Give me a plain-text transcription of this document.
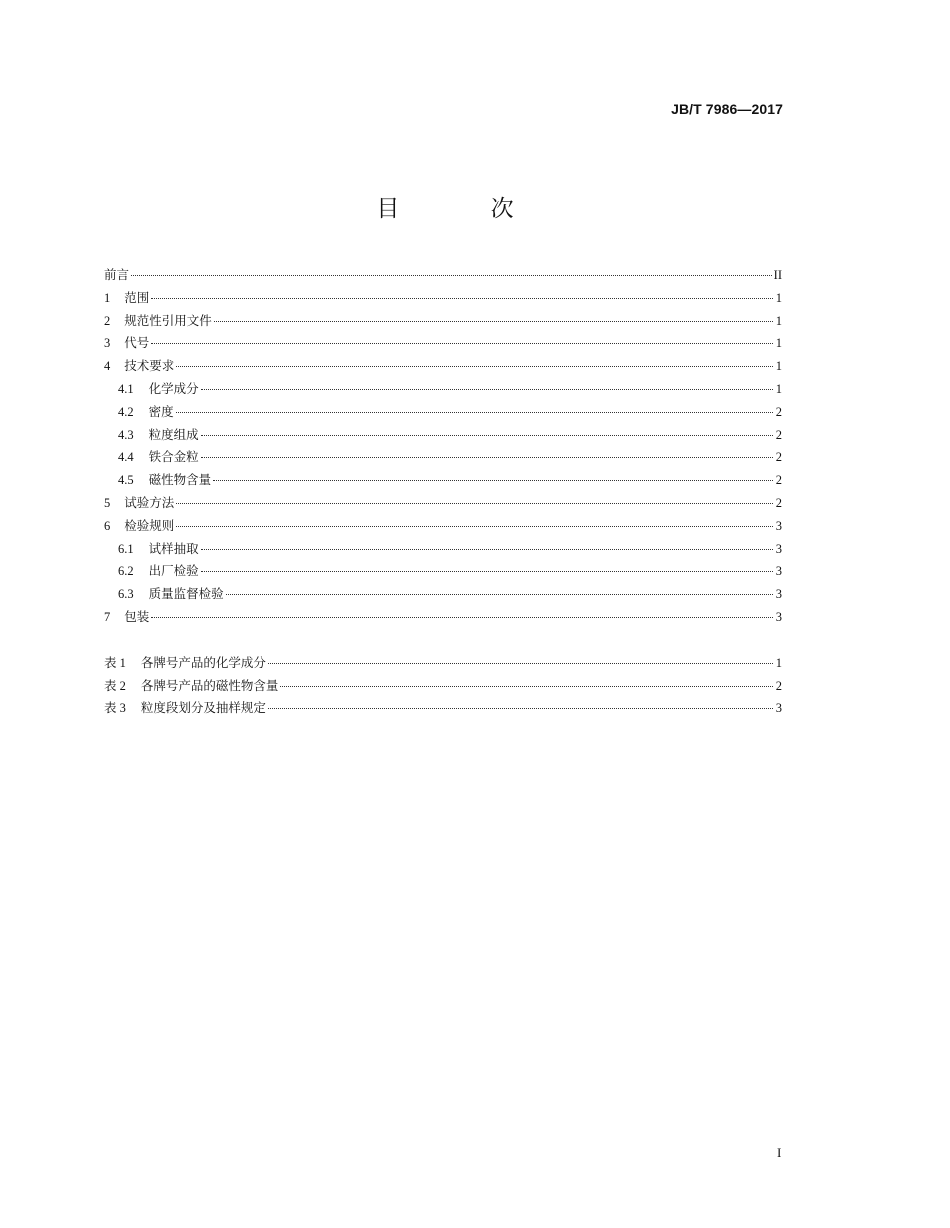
JB/T 7986—2017
目 次
前言	II
1 范围	1
2 规范性引用文件	1
3 代号	1
4 技术要求	1
4.1 化学成分	1
4.2 密度	2
4.3 粒度组成	2
4.4 铁合金粒	2
4.5 磁性物含量	2
5 试验方法	2
6 检验规则	3
6.1 试样抽取	3
6.2 出厂检验	3
6.3 质量监督检验	3
7 包装	3
表 1 各牌号产品的化学成分	1
表 2 各牌号产品的磁性物含量	2
表 3 粒度段划分及抽样规定	3
I
